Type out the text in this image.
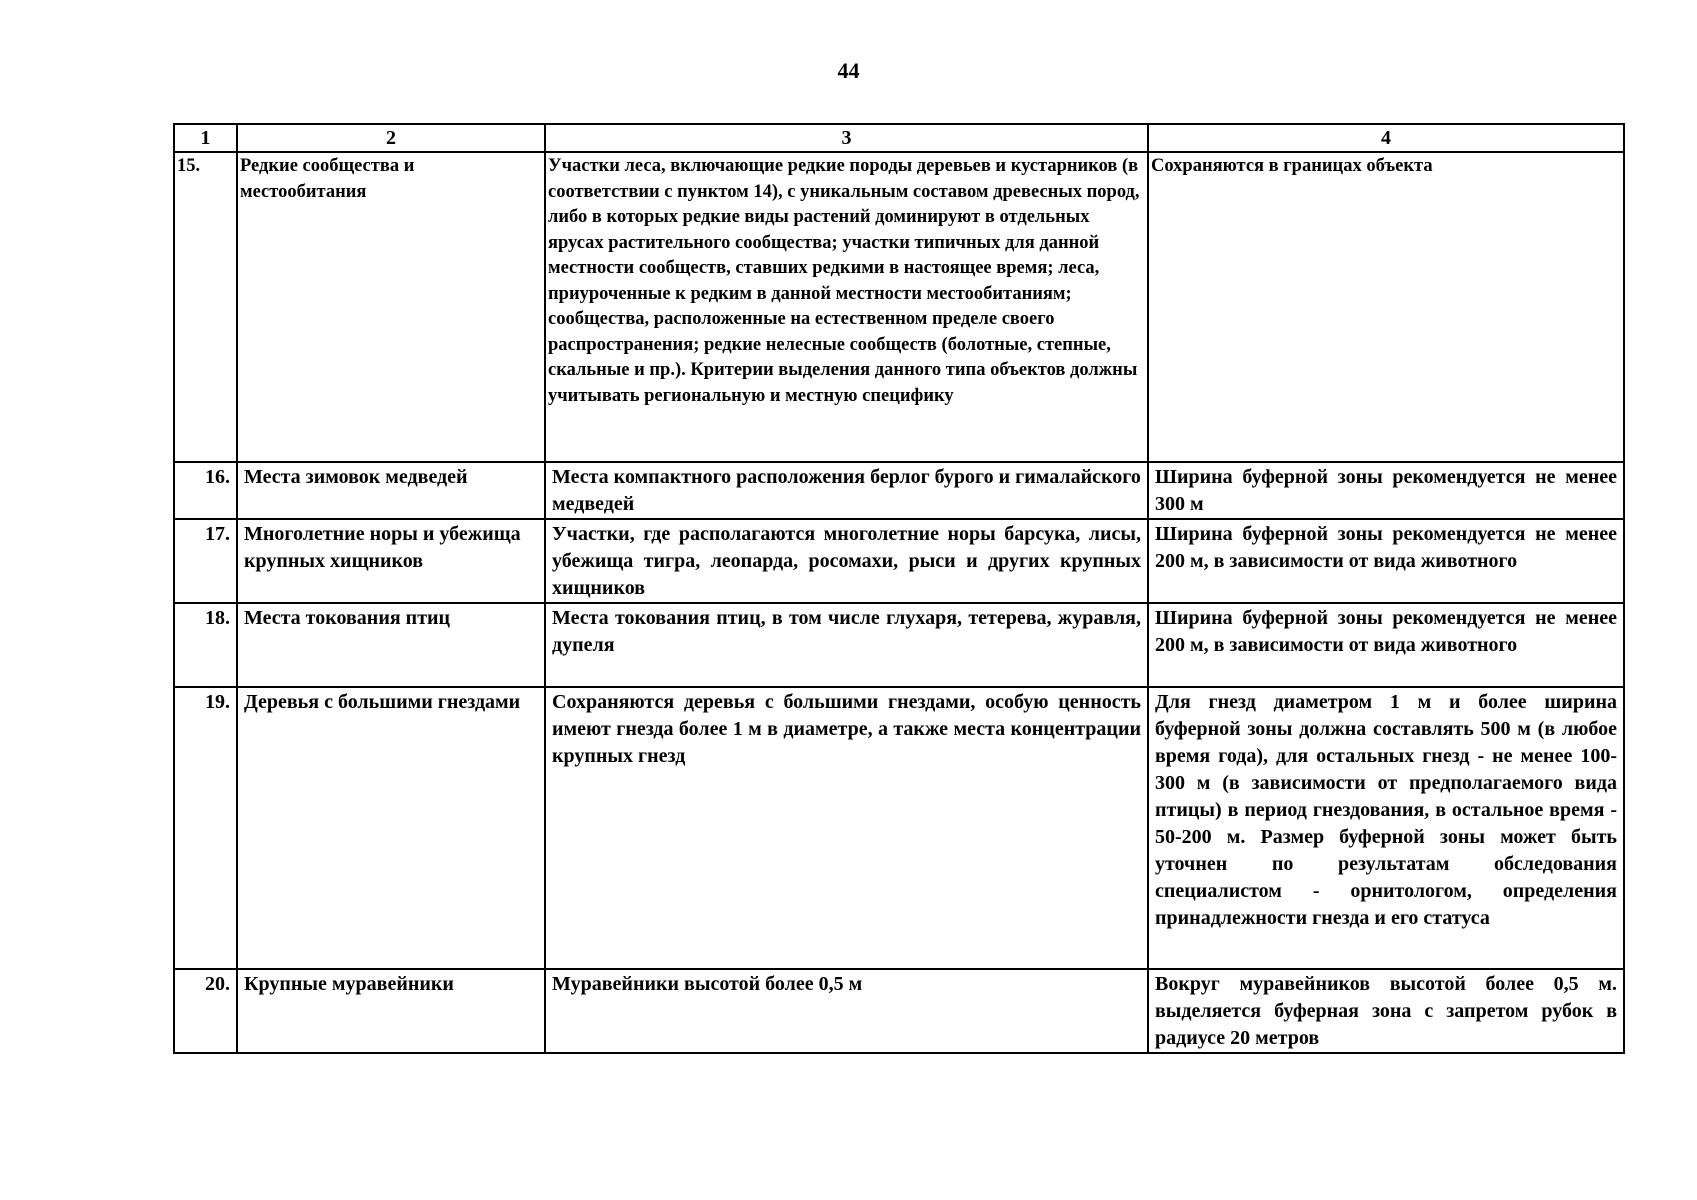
44
1	2	3	4
15.	Редкие сообщества и местообитания	Участки леса, включающие редкие породы деревьев и кустарников (в соответствии с пунктом 14), с уникальным составом древесных пород, либо в которых редкие виды растений доминируют в отдельных ярусах растительного сообщества; участки типичных для данной местности сообществ, ставших редкими в настоящее время; леса, приуроченные к редким в данной местности местообитаниям; сообщества, расположенные на естественном пределе своего распространения; редкие нелесные сообществ (болотные, степные, скальные и пр.). Критерии выделения данного типа объектов должны учитывать региональную и местную специфику	Сохраняются в границах объекта
16.	Места зимовок медведей	Места компактного расположения берлог бурого и гималайского медведей	Ширина буферной зоны рекомендуется не менее 300 м
17.	Многолетние норы и убежища крупных хищников	Участки, где располагаются многолетние норы барсука, лисы, убежища тигра, леопарда, росомахи, рыси и других крупных хищников	Ширина буферной зоны рекомендуется не менее 200 м, в зависимости от вида животного
18.	Места токования птиц	Места токования птиц, в том числе глухаря, тетерева, журавля, дупеля	Ширина буферной зоны рекомендуется не менее 200 м, в зависимости от вида животного
19.	Деревья с большими гнездами	Сохраняются деревья с большими гнездами, особую ценность имеют гнезда более 1 м в диаметре, а также места концентрации крупных гнезд	Для гнезд диаметром 1 м и более ширина буферной зоны должна составлять 500 м (в любое время года), для остальных гнезд - не менее 100-300 м (в зависимости от предполагаемого вида птицы) в период гнездования, в остальное время - 50-200 м. Размер буферной зоны может быть уточнен по результатам обследования специалистом - орнитологом, определения принадлежности гнезда и его статуса
20.	Крупные муравейники	Муравейники высотой более 0,5 м	Вокруг муравейников высотой более 0,5 м. выделяется буферная зона с запретом рубок в радиусе 20 метров
